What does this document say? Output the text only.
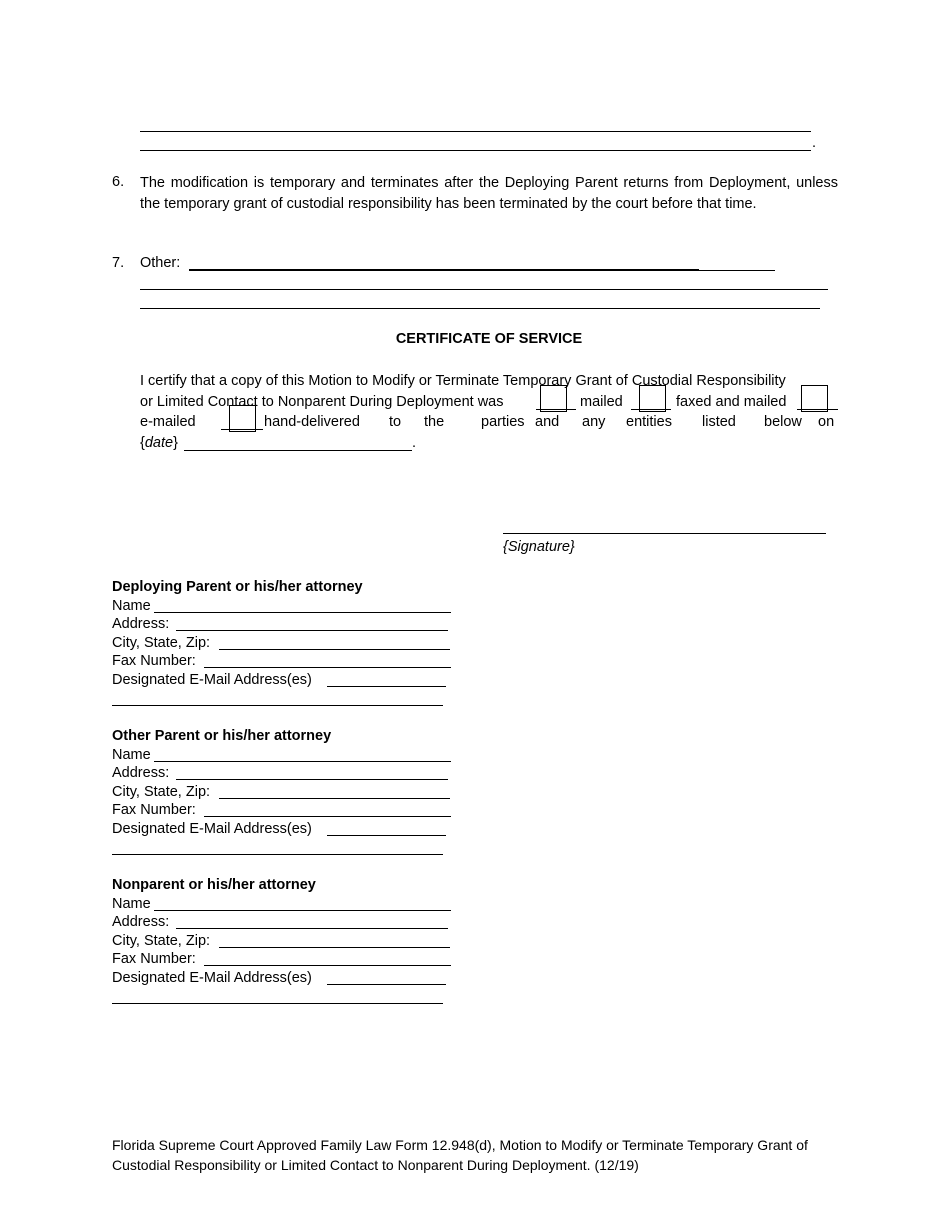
.
6. The modification is temporary and terminates after the Deploying Parent returns from Deployment, unless the temporary grant of custodial responsibility has been terminated by the court before that time.
7. Other:
CERTIFICATE OF SERVICE
I certify that a copy of this Motion to Modify or Terminate Temporary Grant of Custodial Responsibility
or Limited Contact to Nonparent During Deployment was	mailed	faxed and mailed
e-mailed	hand-delivered to the	parties and any entities listed below on
{date}	.
{Signature}
Deploying Parent or his/her attorney
Name
Address:
City, State, Zip:
Fax Number:
Designated E-Mail Address(es)
Other Parent or his/her attorney
Name
Address:
City, State, Zip:
Fax Number:
Designated E-Mail Address(es)
Nonparent or his/her attorney
Name
Address:
City, State, Zip:
Fax Number:
Designated E-Mail Address(es)
Florida Supreme Court Approved Family Law Form 12.948(d), Motion to Modify or Terminate Temporary Grant of
Custodial Responsibility or Limited Contact to Nonparent During Deployment. (12/19)
